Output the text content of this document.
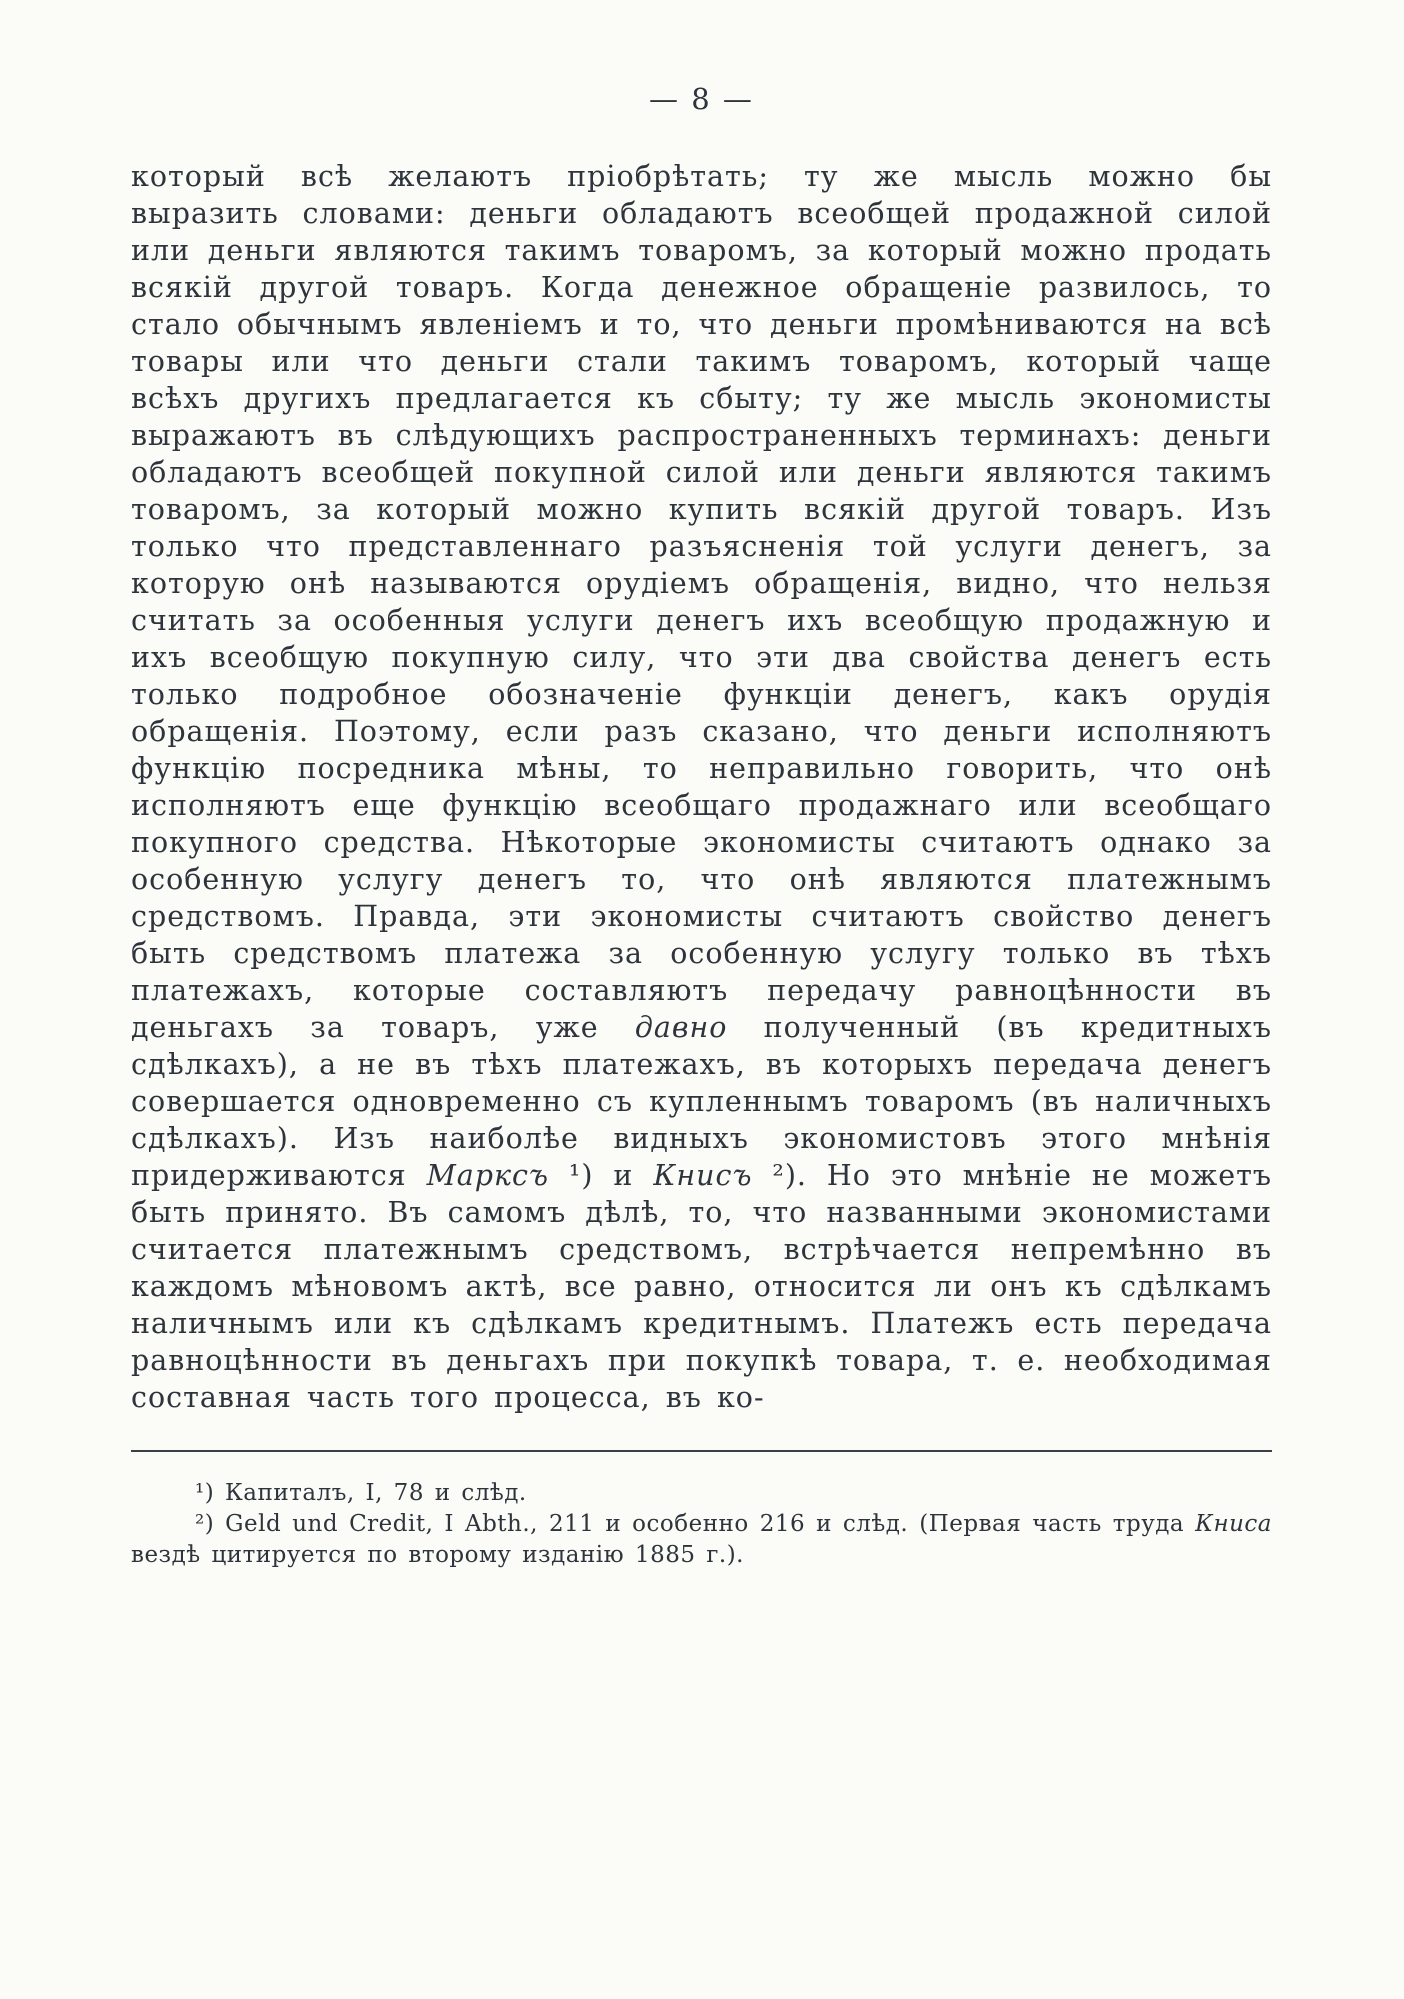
— 8 —
который всѣ желаютъ пріобрѣтать; ту же мысль можно бы выразить словами: деньги обладаютъ всеобщей продажной силой или деньги являются такимъ товаромъ, за который можно продать всякій другой товаръ. Когда денежное обращеніе развилось, то стало обычнымъ явленіемъ и то, что деньги промѣниваются на всѣ товары или что деньги стали такимъ товаромъ, который чаще всѣхъ другихъ предлагается къ сбыту; ту же мысль экономисты выражаютъ въ слѣдующихъ распространенныхъ терминахъ: деньги обладаютъ всеобщей покупной силой или деньги являются такимъ товаромъ, за который можно купить всякій другой товаръ. Изъ только что представленнаго разъясненія той услуги денегъ, за которую онѣ называются орудіемъ обращенія, видно, что нельзя считать за особенныя услуги денегъ ихъ всеобщую продажную и ихъ всеобщую покупную силу, что эти два свойства денегъ есть только подробное обозначеніе функціи денегъ, какъ орудія обращенія. Поэтому, если разъ сказано, что деньги исполняютъ функцію посредника мѣны, то неправильно говорить, что онѣ исполняютъ еще функцію всеобщаго продажнаго или всеобщаго покупного средства. Нѣкоторые экономисты считаютъ однако за особенную услугу денегъ то, что онѣ являются платежнымъ средствомъ. Правда, эти экономисты считаютъ свойство денегъ быть средствомъ платежа за особенную услугу только въ тѣхъ платежахъ, которые составляютъ передачу равноцѣнности въ деньгахъ за товаръ, уже давно полученный (въ кредитныхъ сдѣлкахъ), а не въ тѣхъ платежахъ, въ которыхъ передача денегъ совершается одновременно съ купленнымъ товаромъ (въ наличныхъ сдѣлкахъ). Изъ наиболѣе видныхъ экономистовъ этого мнѣнія придерживаются Марксъ ¹) и Книсъ ²). Но это мнѣніе не можетъ быть принято. Въ самомъ дѣлѣ, то, что названными экономистами считается платежнымъ средствомъ, встрѣчается непремѣнно въ каждомъ мѣновомъ актѣ, все равно, относится ли онъ къ сдѣлкамъ наличнымъ или къ сдѣлкамъ кредитнымъ. Платежъ есть передача равноцѣнности въ деньгахъ при покупкѣ товара, т. е. необходимая составная часть того процесса, въ ко-

¹) Капиталъ, I, 78 и слѣд.

²) Geld und Credit, I Abth., 211 и особенно 216 и слѣд. (Первая часть труда Книса вездѣ цитируется по второму изданію 1885 г.).
